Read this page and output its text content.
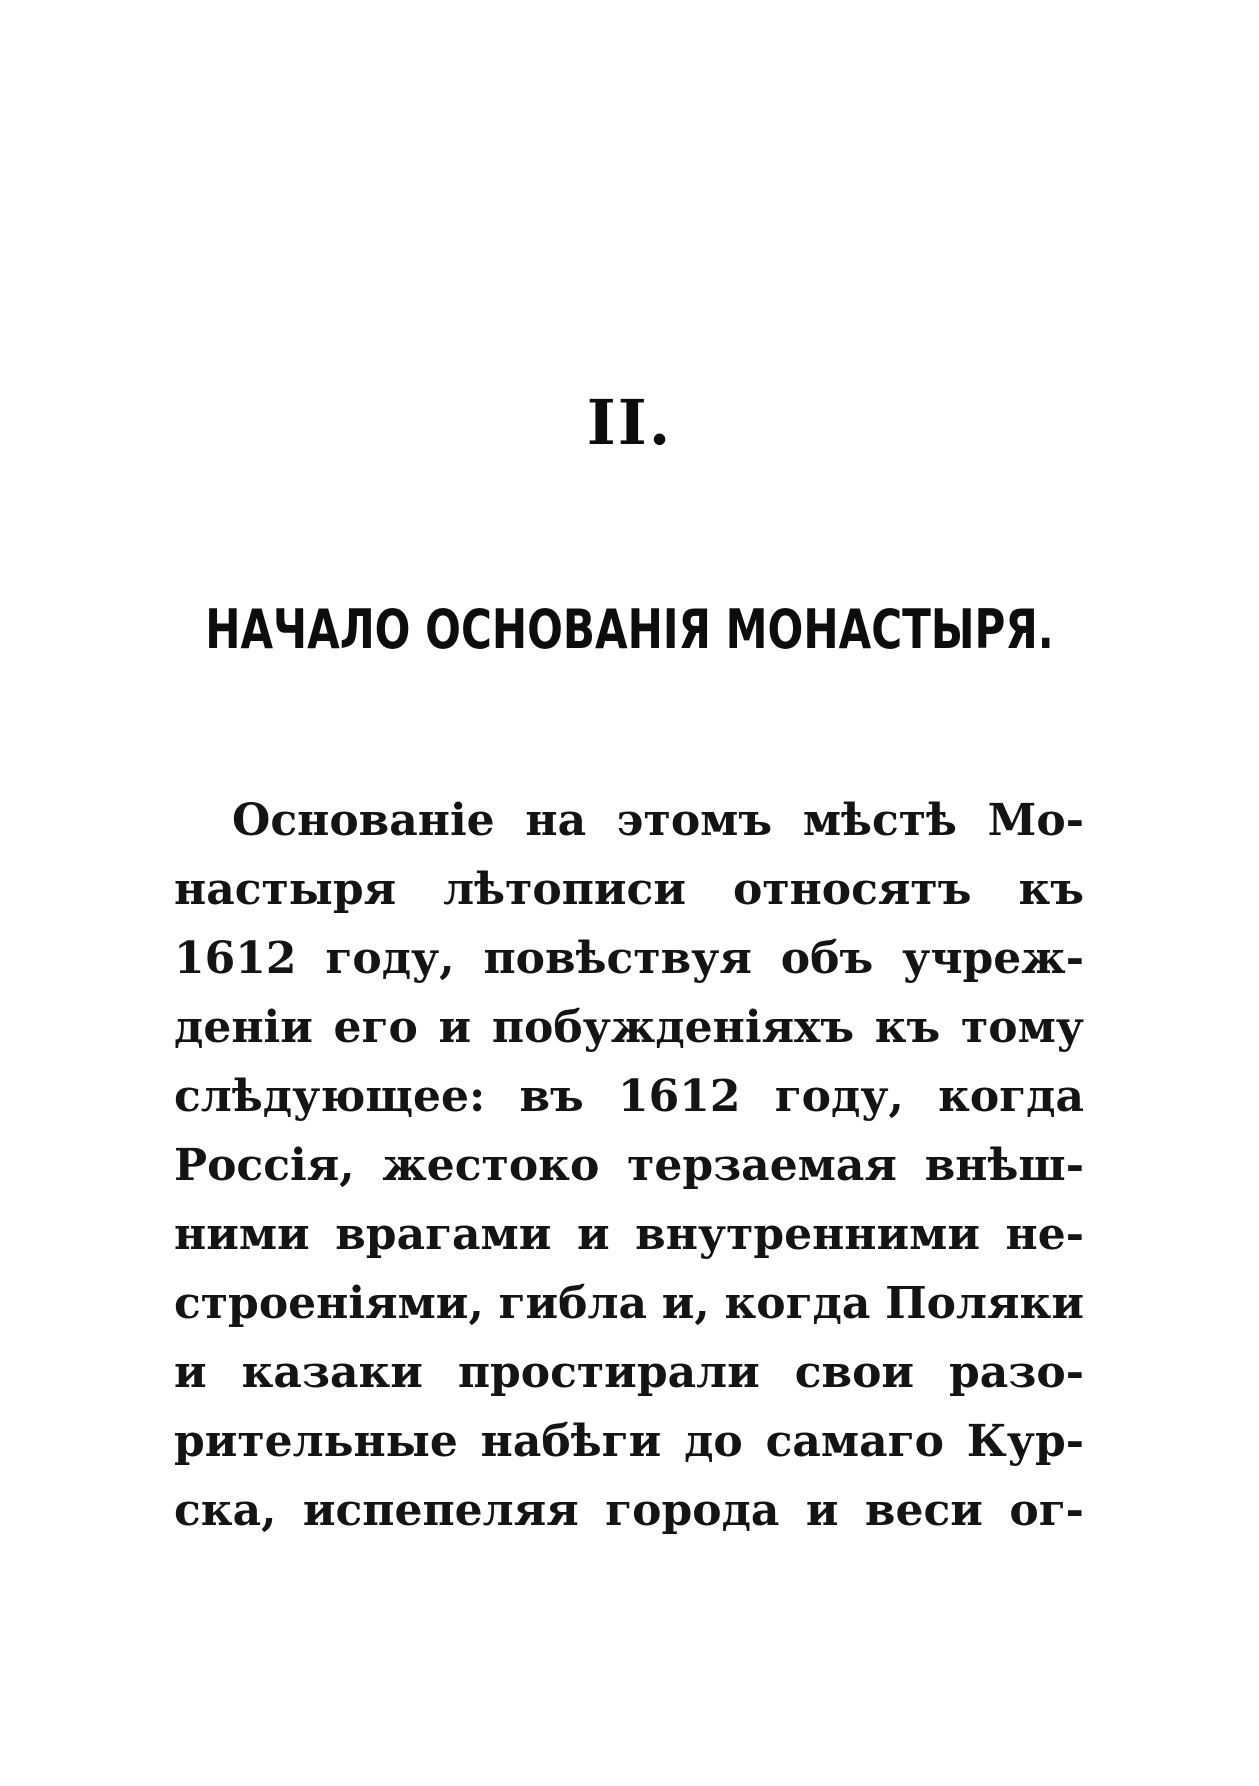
II.
НАЧАЛО ОСНОВАНІЯ МОНАСТЫРЯ.
Основаніе на этомъ мѣстѣ Мо-
настыря лѣтописи относятъ къ
1612 году, повѣствуя объ учреж-
деніи его и побужденіяхъ къ тому
слѣдующее: въ 1612 году, когда
Россія, жестоко терзаемая внѣш-
ними врагами и внутренними не-
строеніями, гибла и, когда Поляки
и казаки простирали свои разо-
рительные набѣги до самаго Кур-
ска, испепеляя города и веси ог-
